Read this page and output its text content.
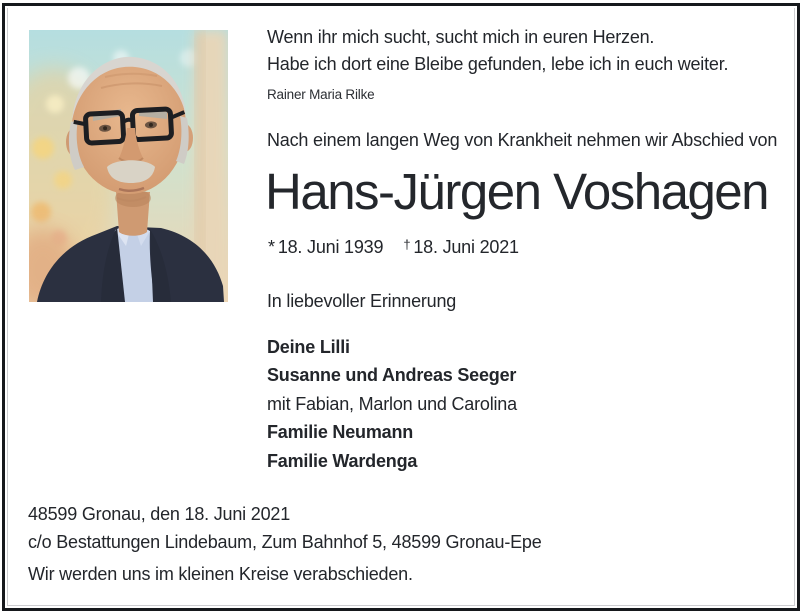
Wenn ihr mich sucht, sucht mich in euren Herzen.
Habe ich dort eine Bleibe gefunden, lebe ich in euch weiter.
Rainer Maria Rilke
Nach einem langen Weg von Krankheit nehmen wir Abschied von
Hans-Jürgen Voshagen
* 18. Juni 1939 † 18. Juni 2021
In liebevoller Erinnerung
Deine Lilli
Susanne und Andreas Seeger
mit Fabian, Marlon und Carolina
Familie Neumann
Familie Wardenga
48599 Gronau, den 18. Juni 2021
c/o Bestattungen Lindebaum, Zum Bahnhof 5, 48599 Gronau-Epe
Wir werden uns im kleinen Kreise verabschieden.
